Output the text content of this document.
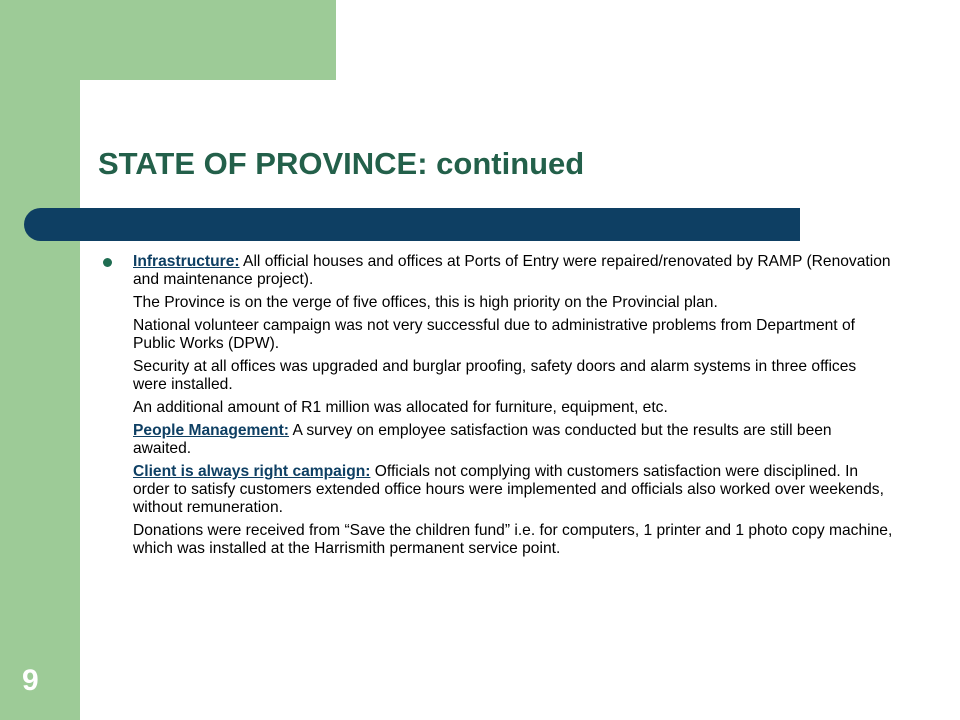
STATE OF PROVINCE: continued

Infrastructure: All official houses and offices at Ports of Entry were repaired/renovated by RAMP (Renovation and maintenance project).

The Province is on the verge of five offices, this is high priority on the Provincial plan.

National volunteer campaign was not very successful due to administrative problems from Department of Public Works (DPW).

Security at all offices was upgraded and burglar proofing, safety doors and alarm systems in three offices were installed.

An additional amount of R1 million was allocated for furniture, equipment, etc.

People Management: A survey on employee satisfaction was conducted but the results are still been awaited.

Client is always right campaign: Officials not complying with customers satisfaction were disciplined. In order to satisfy customers extended office hours were implemented and officials also worked over weekends, without remuneration.

Donations were received from “Save the children fund” i.e. for computers, 1 printer and 1 photo copy machine, which was installed at the Harrismith permanent service point.

9
